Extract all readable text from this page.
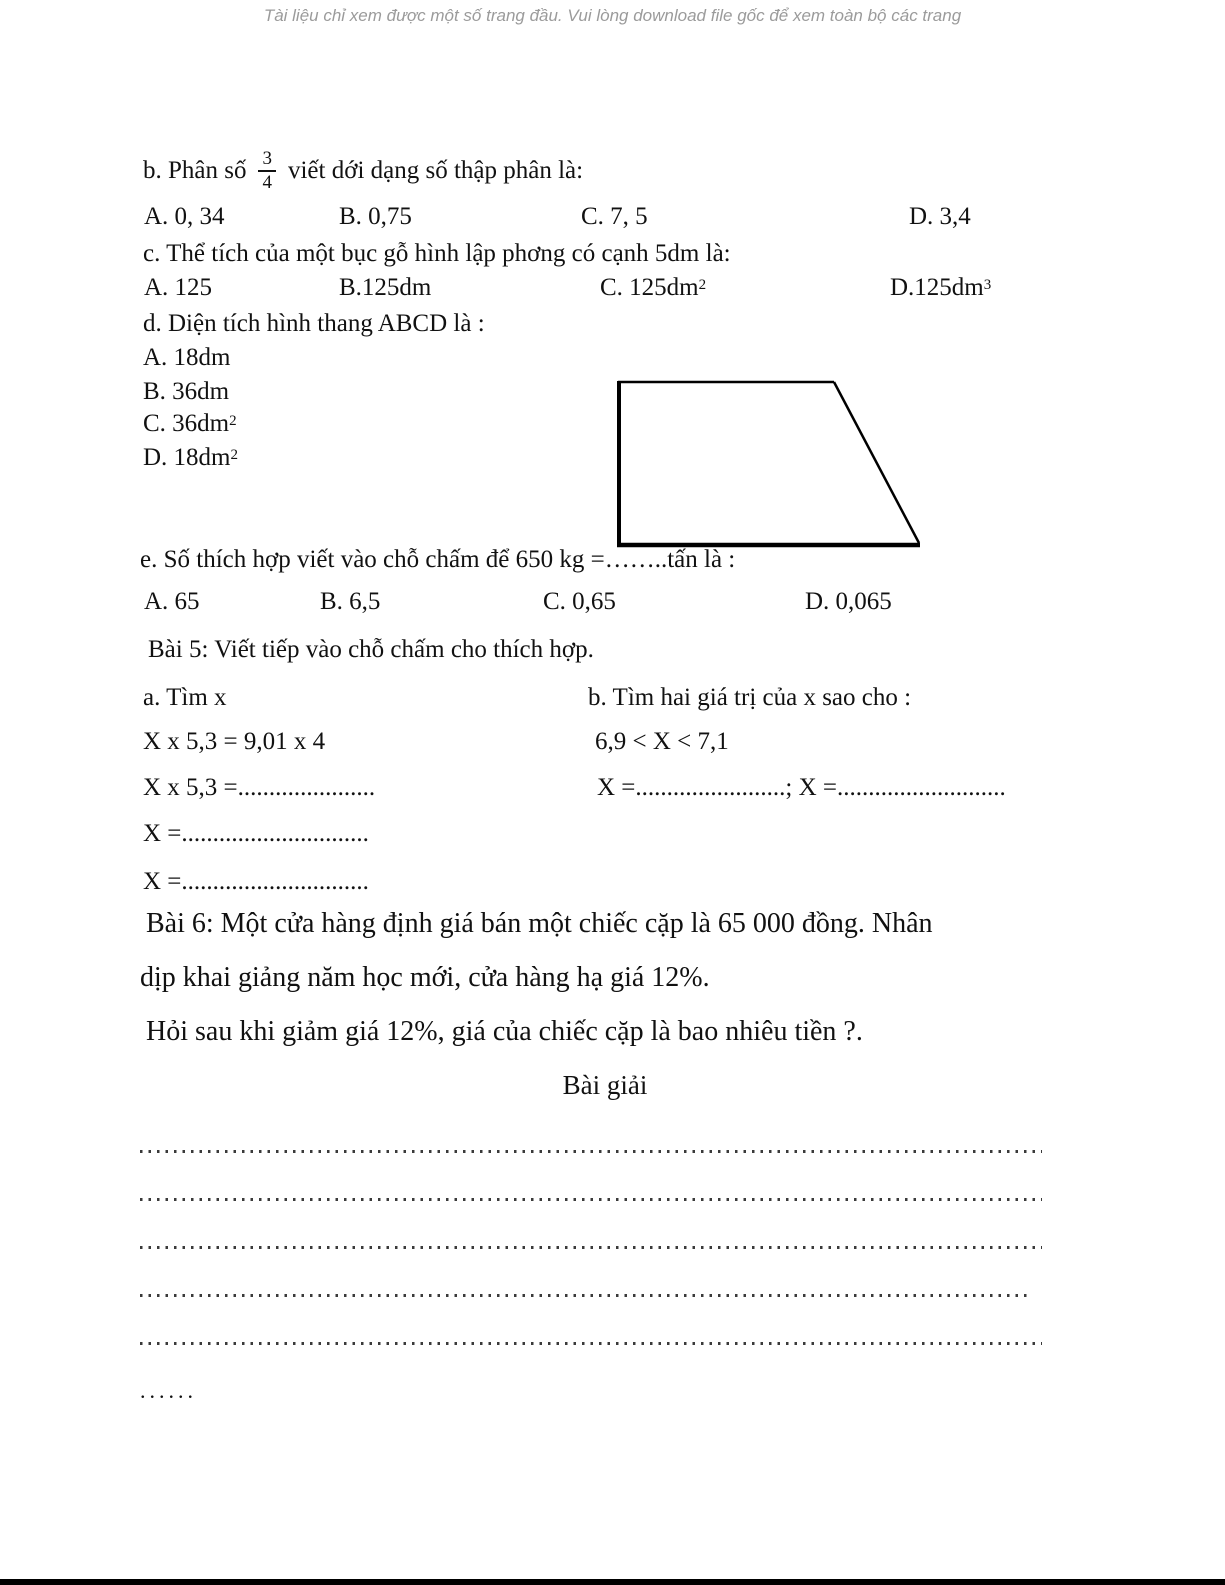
Tài liệu chỉ xem được một số trang đầu. Vui lòng download file gốc để xem toàn bộ các trang
b. Phân số $\frac{3}{4}$ viết dới dạng số thập phân là:
A. 0, 34	B. 0,75	C. 7, 5	D. 3,4
c. Thể tích của một bục gỗ hình lập phơng có cạnh 5dm là:
A. 125	B.125dm	C. $125dm^2$	$D.125dm^3$
d. Diện tích hình thang ABCD là :
A. 18dm
B. 36dm
C. $36dm^2$
D. $18dm^2$
e. Số thích hợp viết vào chỗ chấm để 650 kg =……..tấn là :
A. 65	B. 6,5	C. 0,65	D. 0,065
Bài 5: Viết tiếp vào chỗ chấm cho thích hợp.
a. Tìm x	b. Tìm hai giá trị của x sao cho :
X x 5,3 = 9,01 x 4	6,9 < X < 7,1
X x 5,3 =......................	X =........................; X =...........................
X =..............................
X =..............................
Bài 6: Một cửa hàng định giá bán một chiếc cặp là 65 000 đồng. Nhân
dịp khai giảng năm học mới, cửa hàng hạ giá 12%.
Hỏi sau khi giảm giá 12%, giá của chiếc cặp là bao nhiêu tiền ?.
Bài giải
......
